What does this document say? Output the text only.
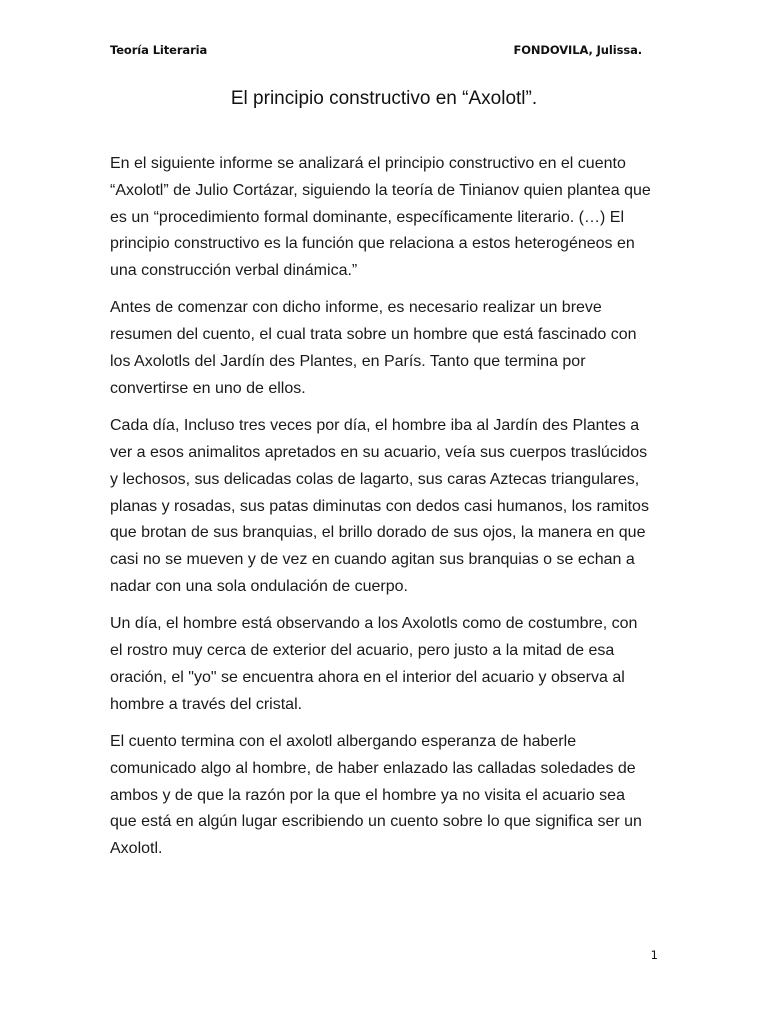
Teoría Literaria	FONDOVILA, Julissa.
El principio constructivo en “Axolotl”.

En el siguiente informe se analizará el principio constructivo en el cuento
“Axolotl” de Julio Cortázar, siguiendo la teoría de Tinianov quien plantea que
es un “procedimiento formal dominante, específicamente literario. (…) El
principio constructivo es la función que relaciona a estos heterogéneos en
una construcción verbal dinámica.”

Antes de comenzar con dicho informe, es necesario realizar un breve
resumen del cuento, el cual trata sobre un hombre que está fascinado con
los Axolotls del Jardín des Plantes, en París. Tanto que termina por
convertirse en uno de ellos.

Cada día, Incluso tres veces por día, el hombre iba al Jardín des Plantes a
ver a esos animalitos apretados en su acuario, veía sus cuerpos traslúcidos
y lechosos, sus delicadas colas de lagarto, sus caras Aztecas triangulares,
planas y rosadas, sus patas diminutas con dedos casi humanos, los ramitos
que brotan de sus branquias, el brillo dorado de sus ojos, la manera en que
casi no se mueven y de vez en cuando agitan sus branquias o se echan a
nadar con una sola ondulación de cuerpo.

Un día, el hombre está observando a los Axolotls como de costumbre, con
el rostro muy cerca de exterior del acuario, pero justo a la mitad de esa
oración, el "yo" se encuentra ahora en el interior del acuario y observa al
hombre a través del cristal.

El cuento termina con el axolotl albergando esperanza de haberle
comunicado algo al hombre, de haber enlazado las calladas soledades de
ambos y de que la razón por la que el hombre ya no visita el acuario sea
que está en algún lugar escribiendo un cuento sobre lo que significa ser un
Axolotl.

1
